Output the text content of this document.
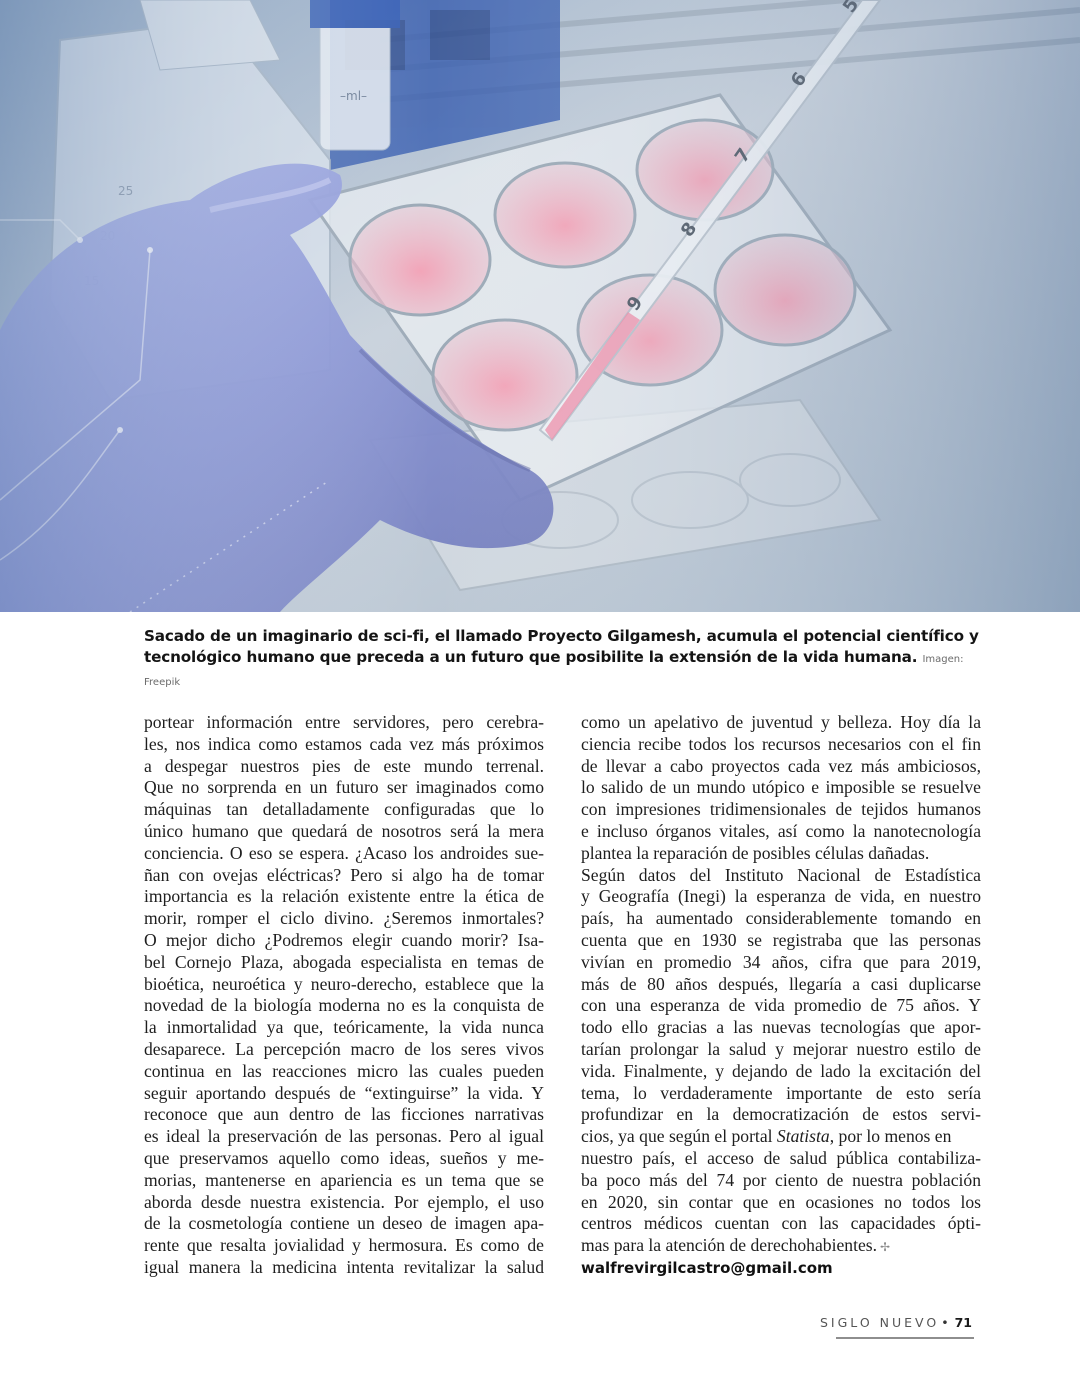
Sacado de un imaginario de sci-fi, el llamado Proyecto Gilgamesh, acumula el potencial científico y tecnológico humano que preceda a un futuro que posibilite la extensión de la vida humana. Imagen: Freepik

portear información entre servidores, pero cerebra-
les, nos indica como estamos cada vez más próximos
a despegar nuestros pies de este mundo terrenal.
Que no sorprenda en un futuro ser imaginados como
máquinas tan detalladamente configuradas que lo
único humano que quedará de nosotros será la mera
conciencia. O eso se espera. ¿Acaso los androides sue-
ñan con ovejas eléctricas? Pero si algo ha de tomar
importancia es la relación existente entre la ética de
morir, romper el ciclo divino. ¿Seremos inmortales?
O mejor dicho ¿Podremos elegir cuando morir? Isa-
bel Cornejo Plaza, abogada especialista en temas de
bioética, neuroética y neuro-derecho, establece que la
novedad de la biología moderna no es la conquista de
la inmortalidad ya que, teóricamente, la vida nunca
desaparece. La percepción macro de los seres vivos
continua en las reacciones micro las cuales pueden
seguir aportando después de “extinguirse” la vida. Y
reconoce que aun dentro de las ficciones narrativas
es ideal la preservación de las personas. Pero al igual
que preservamos aquello como ideas, sueños y me-
morias, mantenerse en apariencia es un tema que se
aborda desde nuestra existencia. Por ejemplo, el uso
de la cosmetología contiene un deseo de imagen apa-
rente que resalta jovialidad y hermosura. Es como de
igual manera la medicina intenta revitalizar la salud
como un apelativo de juventud y belleza. Hoy día la
ciencia recibe todos los recursos necesarios con el fin
de llevar a cabo proyectos cada vez más ambiciosos,
lo salido de un mundo utópico e imposible se resuelve
con impresiones tridimensionales de tejidos humanos
e incluso órganos vitales, así como la nanotecnología
plantea la reparación de posibles células dañadas.
Según datos del Instituto Nacional de Estadística
y Geografía (Inegi) la esperanza de vida, en nuestro
país, ha aumentado considerablemente tomando en
cuenta que en 1930 se registraba que las personas
vivían en promedio 34 años, cifra que para 2019,
más de 80 años después, llegaría a casi duplicarse
con una esperanza de vida promedio de 75 años. Y
todo ello gracias a las nuevas tecnologías que apor-
tarían prolongar la salud y mejorar nuestro estilo de
vida. Finalmente, y dejando de lado la excitación del
tema, lo verdaderamente importante de esto sería
profundizar en la democratización de estos servi-
cios, ya que según el portal Statista, por lo menos en
nuestro país, el acceso de salud pública contabiliza-
ba poco más del 74 por ciento de nuestra población
en 2020, sin contar que en ocasiones no todos los
centros médicos cuentan con las capacidades ópti-
mas para la atención de derechohabientes. ✢
walfrevirgilcastro@gmail.com
SIGLO NUEVO • 71
